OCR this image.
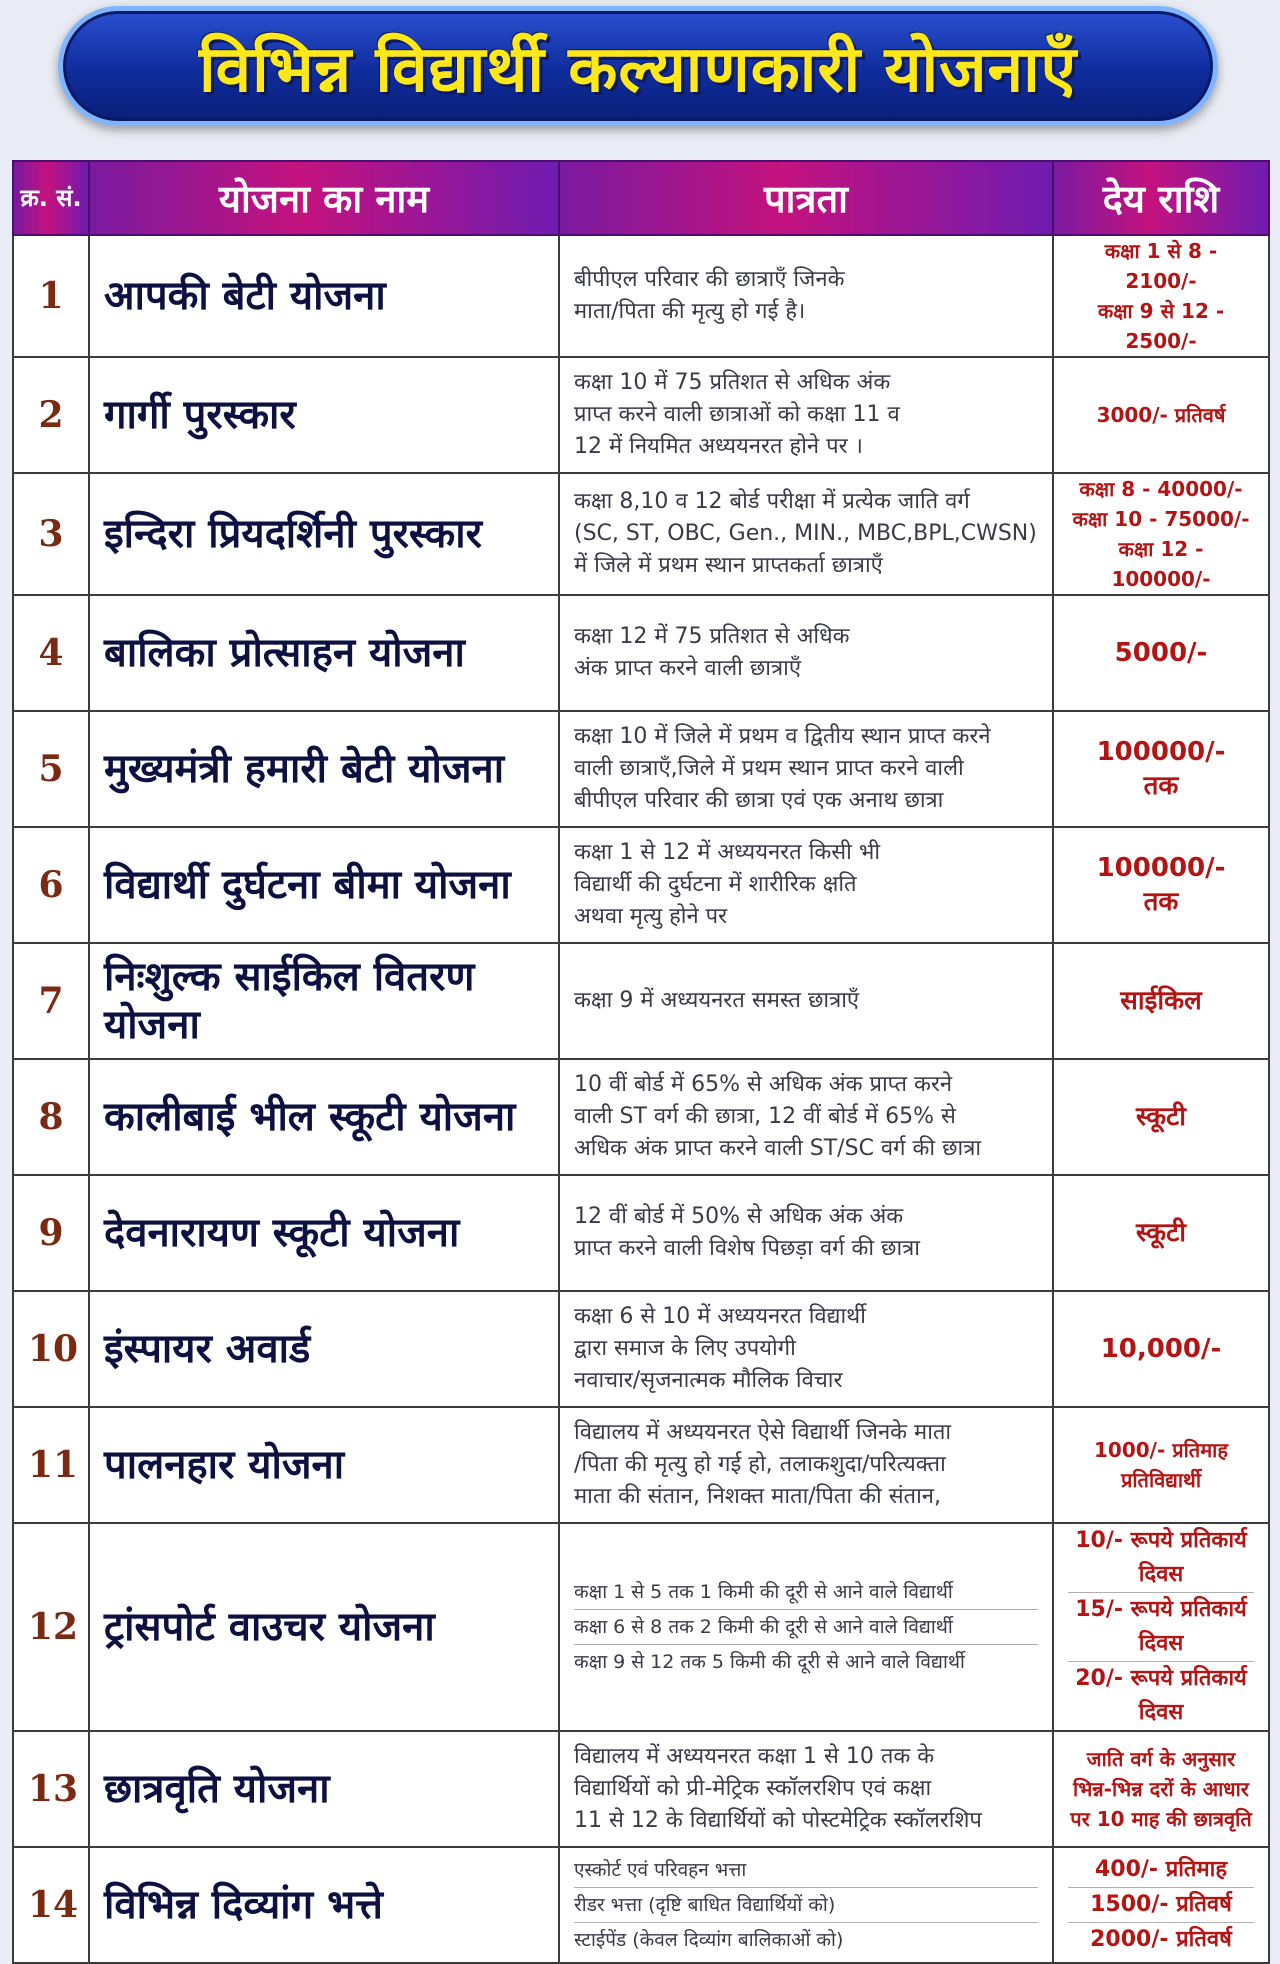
विभिन्न विद्यार्थी कल्याणकारी योजनाएँ
क्र. सं.	योजना का नाम	पात्रता	देय राशि
1	आपकी बेटी योजना	बीपीएल परिवार की छात्राएँ जिनके
माता/पिता की मृत्यु हो गई है।	कक्षा 1 से 8 - 2100/-
कक्षा 9 से 12 - 2500/-

2	गार्गी पुरस्कार	कक्षा 10 में 75 प्रतिशत से अधिक अंक
प्राप्त करने वाली छात्राओं को कक्षा 11 व
12 में नियमित अध्ययनरत होने पर ।	3000/- प्रतिवर्ष

3	इन्दिरा प्रियदर्शिनी पुरस्कार	कक्षा 8,10 व 12 बोर्ड परीक्षा में प्रत्येक जाति वर्ग
(SC, ST, OBC, Gen., MIN., MBC,BPL,CWSN)
में जिले में प्रथम स्थान प्राप्तकर्ता छात्राएँ	कक्षा 8 - 40000/-
कक्षा 10 - 75000/-
कक्षा 12 - 100000/-

4	बालिका प्रोत्साहन योजना	कक्षा 12 में 75 प्रतिशत से अधिक
अंक प्राप्त करने वाली छात्राएँ	5000/-

5	मुख्यमंत्री हमारी बेटी योजना	कक्षा 10 में जिले में प्रथम व द्वितीय स्थान प्राप्त करने
वाली छात्राएँ,जिले में प्रथम स्थान प्राप्त करने वाली
बीपीएल परिवार की छात्रा एवं एक अनाथ छात्रा	100000/-
तक

6	विद्यार्थी दुर्घटना बीमा योजना	कक्षा 1 से 12 में अध्ययनरत किसी भी
विद्यार्थी की दुर्घटना में शारीरिक क्षति
अथवा मृत्यु होने पर	100000/-
तक

7	निःशुल्क साईकिल वितरण योजना	कक्षा 9 में अध्ययनरत समस्त छात्राएँ	साईकिल

8	कालीबाई भील स्कूटी योजना	10 वीं बोर्ड में 65% से अधिक अंक प्राप्त करने
वाली ST वर्ग की छात्रा, 12 वीं बोर्ड में 65% से
अधिक अंक प्राप्त करने वाली ST/SC वर्ग की छात्रा	स्कूटी

9	देवनारायण स्कूटी योजना	12 वीं बोर्ड में 50% से अधिक अंक अंक
प्राप्त करने वाली विशेष पिछड़ा वर्ग की छात्रा	स्कूटी

10	इंस्पायर अवार्ड	कक्षा 6 से 10 में अध्ययनरत विद्यार्थी
द्वारा समाज के लिए उपयोगी
नवाचार/सृजनात्मक मौलिक विचार	10,000/-

11	पालनहार योजना	विद्यालय में अध्ययनरत ऐसे विद्यार्थी जिनके माता
/पिता की मृत्यु हो गई हो, तलाकशुदा/परित्यक्ता
माता की संतान, निशक्त माता/पिता की संतान,	1000/- प्रतिमाह
प्रतिविद्यार्थी

12	ट्रांसपोर्ट वाउचर योजना	कक्षा 1 से 5 तक 1 किमी की दूरी से आने वाले विद्यार्थी
कक्षा 6 से 8 तक 2 किमी की दूरी से आने वाले विद्यार्थी
कक्षा 9 से 12 तक 5 किमी की दूरी से आने वाले विद्यार्थी	10/- रूपये प्रतिकार्य दिवस
15/- रूपये प्रतिकार्य दिवस
20/- रूपये प्रतिकार्य दिवस

13	छात्रवृति योजना	विद्यालय में अध्ययनरत कक्षा 1 से 10 तक के
विद्यार्थियों को प्री-मेट्रिक स्कॉलरशिप एवं कक्षा
11 से 12 के विद्यार्थियों को पोस्टमेट्रिक स्कॉलरशिप	जाति वर्ग के अनुसार
भिन्न-भिन्न दरों के आधार
पर 10 माह की छात्रवृति

14	विभिन्न दिव्यांग भत्ते	एस्कोर्ट एवं परिवहन भत्ता
रीडर भत्ता (दृष्टि बाधित विद्यार्थियों को)
स्टाईपेंड (केवल दिव्यांग बालिकाओं को)	400/- प्रतिमाह
1500/- प्रतिवर्ष
2000/- प्रतिवर्ष
